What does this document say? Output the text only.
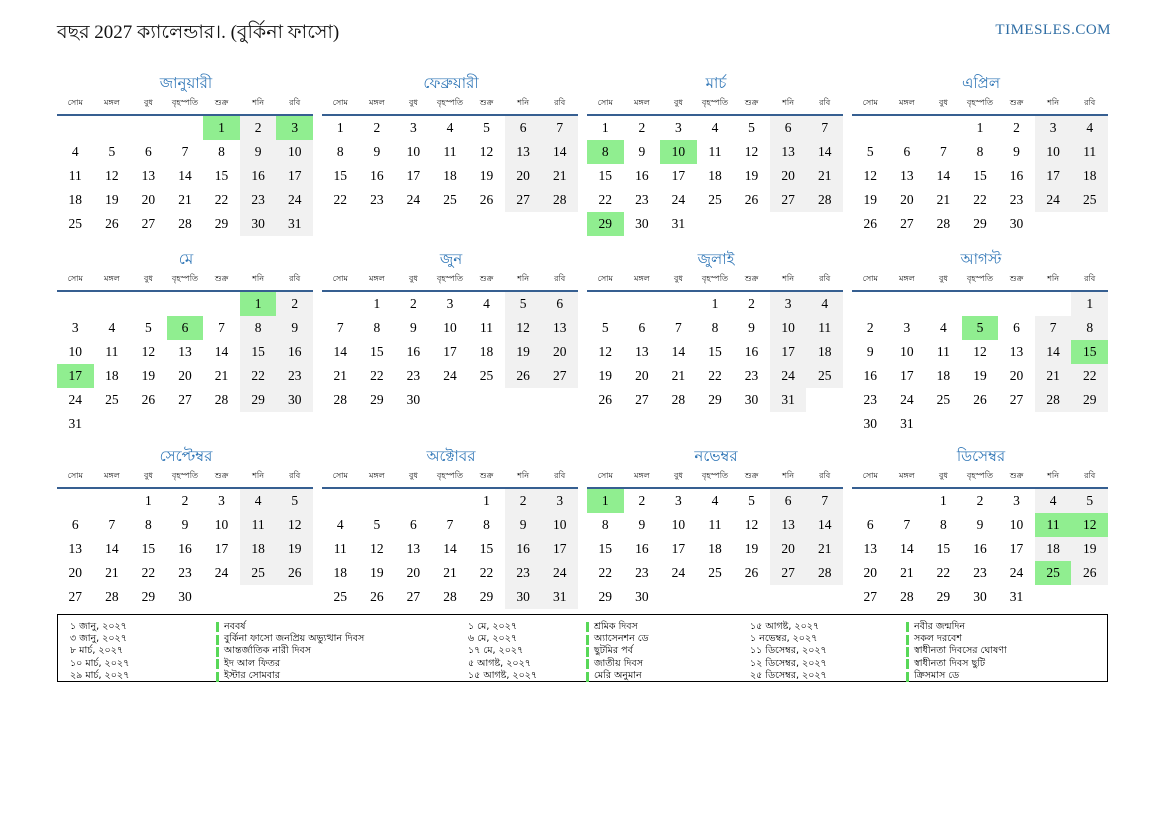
বছর 2027 ক্যালেন্ডার।. (বুর্কিনা ফাসো)	TIMESLES.COM
জানুয়ারী
সোম	মঙ্গল	বুধ	বৃহস্পতি	শুক্র	শনি	রবি
				1	2	3
4	5	6	7	8	9	10
11	12	13	14	15	16	17
18	19	20	21	22	23	24
25	26	27	28	29	30	31
ফেব্রুয়ারী
সোম	মঙ্গল	বুধ	বৃহস্পতি	শুক্র	শনি	রবি
1	2	3	4	5	6	7
8	9	10	11	12	13	14
15	16	17	18	19	20	21
22	23	24	25	26	27	28
মার্চ
সোম	মঙ্গল	বুধ	বৃহস্পতি	শুক্র	শনি	রবি
1	2	3	4	5	6	7
8	9	10	11	12	13	14
15	16	17	18	19	20	21
22	23	24	25	26	27	28
29	30	31				
এপ্রিল
সোম	মঙ্গল	বুধ	বৃহস্পতি	শুক্র	শনি	রবি
			1	2	3	4
5	6	7	8	9	10	11
12	13	14	15	16	17	18
19	20	21	22	23	24	25
26	27	28	29	30		
মে
সোম	মঙ্গল	বুধ	বৃহস্পতি	শুক্র	শনি	রবি
					1	2
3	4	5	6	7	8	9
10	11	12	13	14	15	16
17	18	19	20	21	22	23
24	25	26	27	28	29	30
31						
জুন
সোম	মঙ্গল	বুধ	বৃহস্পতি	শুক্র	শনি	রবি
	1	2	3	4	5	6
7	8	9	10	11	12	13
14	15	16	17	18	19	20
21	22	23	24	25	26	27
28	29	30				
জুলাই
সোম	মঙ্গল	বুধ	বৃহস্পতি	শুক্র	শনি	রবি
			1	2	3	4
5	6	7	8	9	10	11
12	13	14	15	16	17	18
19	20	21	22	23	24	25
26	27	28	29	30	31	
আগস্ট
সোম	মঙ্গল	বুধ	বৃহস্পতি	শুক্র	শনি	রবি
						1
2	3	4	5	6	7	8
9	10	11	12	13	14	15
16	17	18	19	20	21	22
23	24	25	26	27	28	29
30	31					
সেপ্টেম্বর
সোম	মঙ্গল	বুধ	বৃহস্পতি	শুক্র	শনি	রবি
		1	2	3	4	5
6	7	8	9	10	11	12
13	14	15	16	17	18	19
20	21	22	23	24	25	26
27	28	29	30			
অক্টোবর
সোম	মঙ্গল	বুধ	বৃহস্পতি	শুক্র	শনি	রবি
				1	2	3
4	5	6	7	8	9	10
11	12	13	14	15	16	17
18	19	20	21	22	23	24
25	26	27	28	29	30	31
নভেম্বর
সোম	মঙ্গল	বুধ	বৃহস্পতি	শুক্র	শনি	রবি
1	2	3	4	5	6	7
8	9	10	11	12	13	14
15	16	17	18	19	20	21
22	23	24	25	26	27	28
29	30					
ডিসেম্বর
সোম	মঙ্গল	বুধ	বৃহস্পতি	শুক্র	শনি	রবি
		1	2	3	4	5
6	7	8	9	10	11	12
13	14	15	16	17	18	19
20	21	22	23	24	25	26
27	28	29	30	31		
১ জানু, ২০২৭	নববর্ষ
৩ জানু, ২০২৭	বুর্কিনা ফাসো জনপ্রিয় অভ্যুত্থান দিবস
৮ মার্চ, ২০২৭	আন্তর্জাতিক নারী দিবস
১০ মার্চ, ২০২৭	ইদ আল ফিতর
২৯ মার্চ, ২০২৭	ইস্টার সোমবার
১ মে, ২০২৭	শ্রমিক দিবস
৬ মে, ২০২৭	অ্যাসেনশন ডে
১৭ মে, ২০২৭	ছুটমির পর্ব
৫ আগষ্ট, ২০২৭	জাতীয় দিবস
১৫ আগষ্ট, ২০২৭	মেরি অনুমান
১৫ আগষ্ট, ২০২৭	নবীর জন্মদিন
১ নভেম্বর, ২০২৭	সকল দরবেশ
১১ ডিসেম্বর, ২০২৭	স্বাধীনতা দিবসের ঘোষণা
১২ ডিসেম্বর, ২০২৭	স্বাধীনতা দিবস ছুটি
২৫ ডিসেম্বর, ২০২৭	ক্রিসমাস ডে
